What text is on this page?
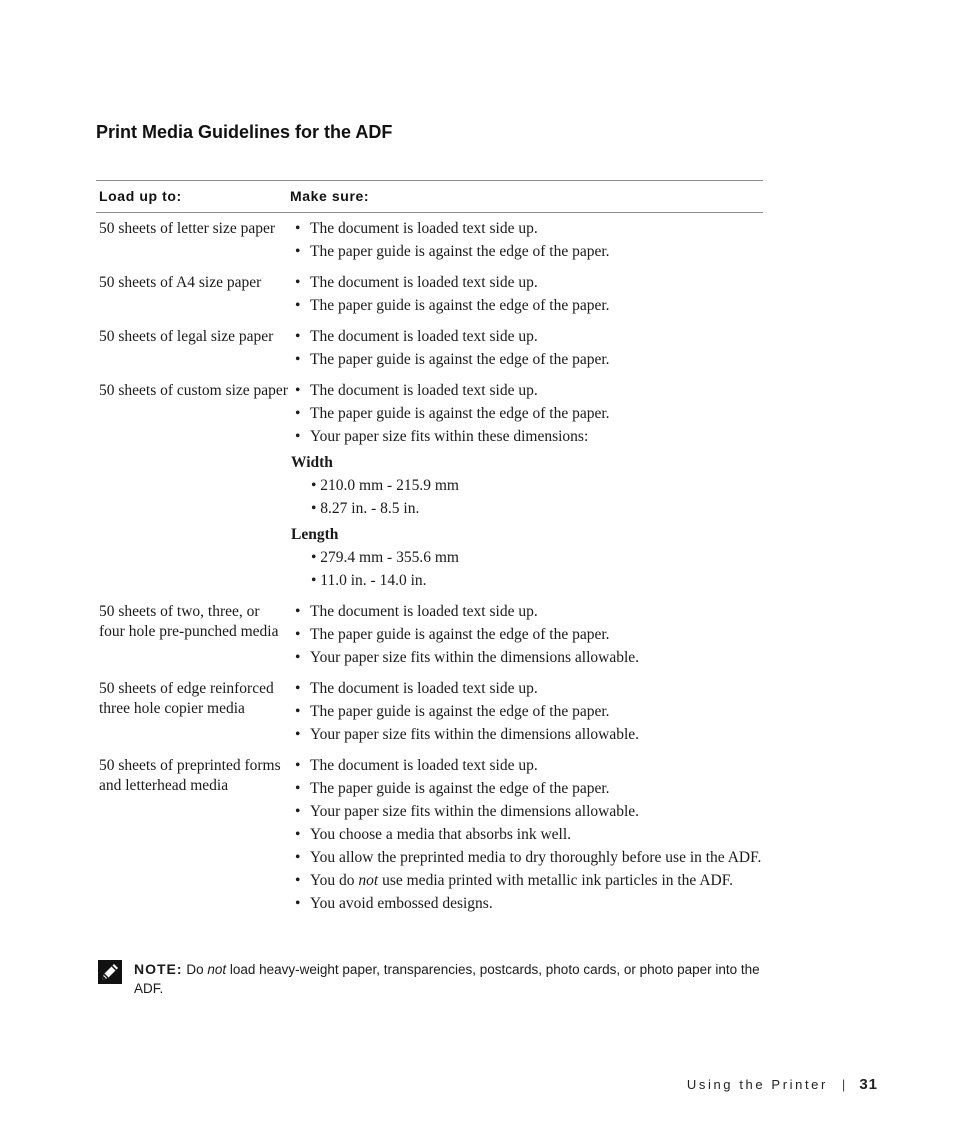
Print Media Guidelines for the ADF
Load up to:	Make sure:
50 sheets of letter size paper	• The document is loaded text side up.
• The paper guide is against the edge of the paper.
50 sheets of A4 size paper	• The document is loaded text side up.
• The paper guide is against the edge of the paper.
50 sheets of legal size paper	• The document is loaded text side up.
• The paper guide is against the edge of the paper.
50 sheets of custom size paper	• The document is loaded text side up.
• The paper guide is against the edge of the paper.
• Your paper size fits within these dimensions:
Width
• 210.0 mm - 215.9 mm
• 8.27 in. - 8.5 in.
Length
• 279.4 mm - 355.6 mm
• 11.0 in. - 14.0 in.
50 sheets of two, three, or four hole pre-punched media
• The document is loaded text side up.
• The paper guide is against the edge of the paper.
• Your paper size fits within the dimensions allowable.
50 sheets of edge reinforced three hole copier media
• The document is loaded text side up.
• The paper guide is against the edge of the paper.
• Your paper size fits within the dimensions allowable.
50 sheets of preprinted forms and letterhead media
• The document is loaded text side up.
• The paper guide is against the edge of the paper.
• Your paper size fits within the dimensions allowable.
• You choose a media that absorbs ink well.
• You allow the preprinted media to dry thoroughly before use in the ADF.
• You do not use media printed with metallic ink particles in the ADF.
• You avoid embossed designs.
NOTE: Do not load heavy-weight paper, transparencies, postcards, photo cards, or photo paper into the ADF.
Using the Printer | 31
